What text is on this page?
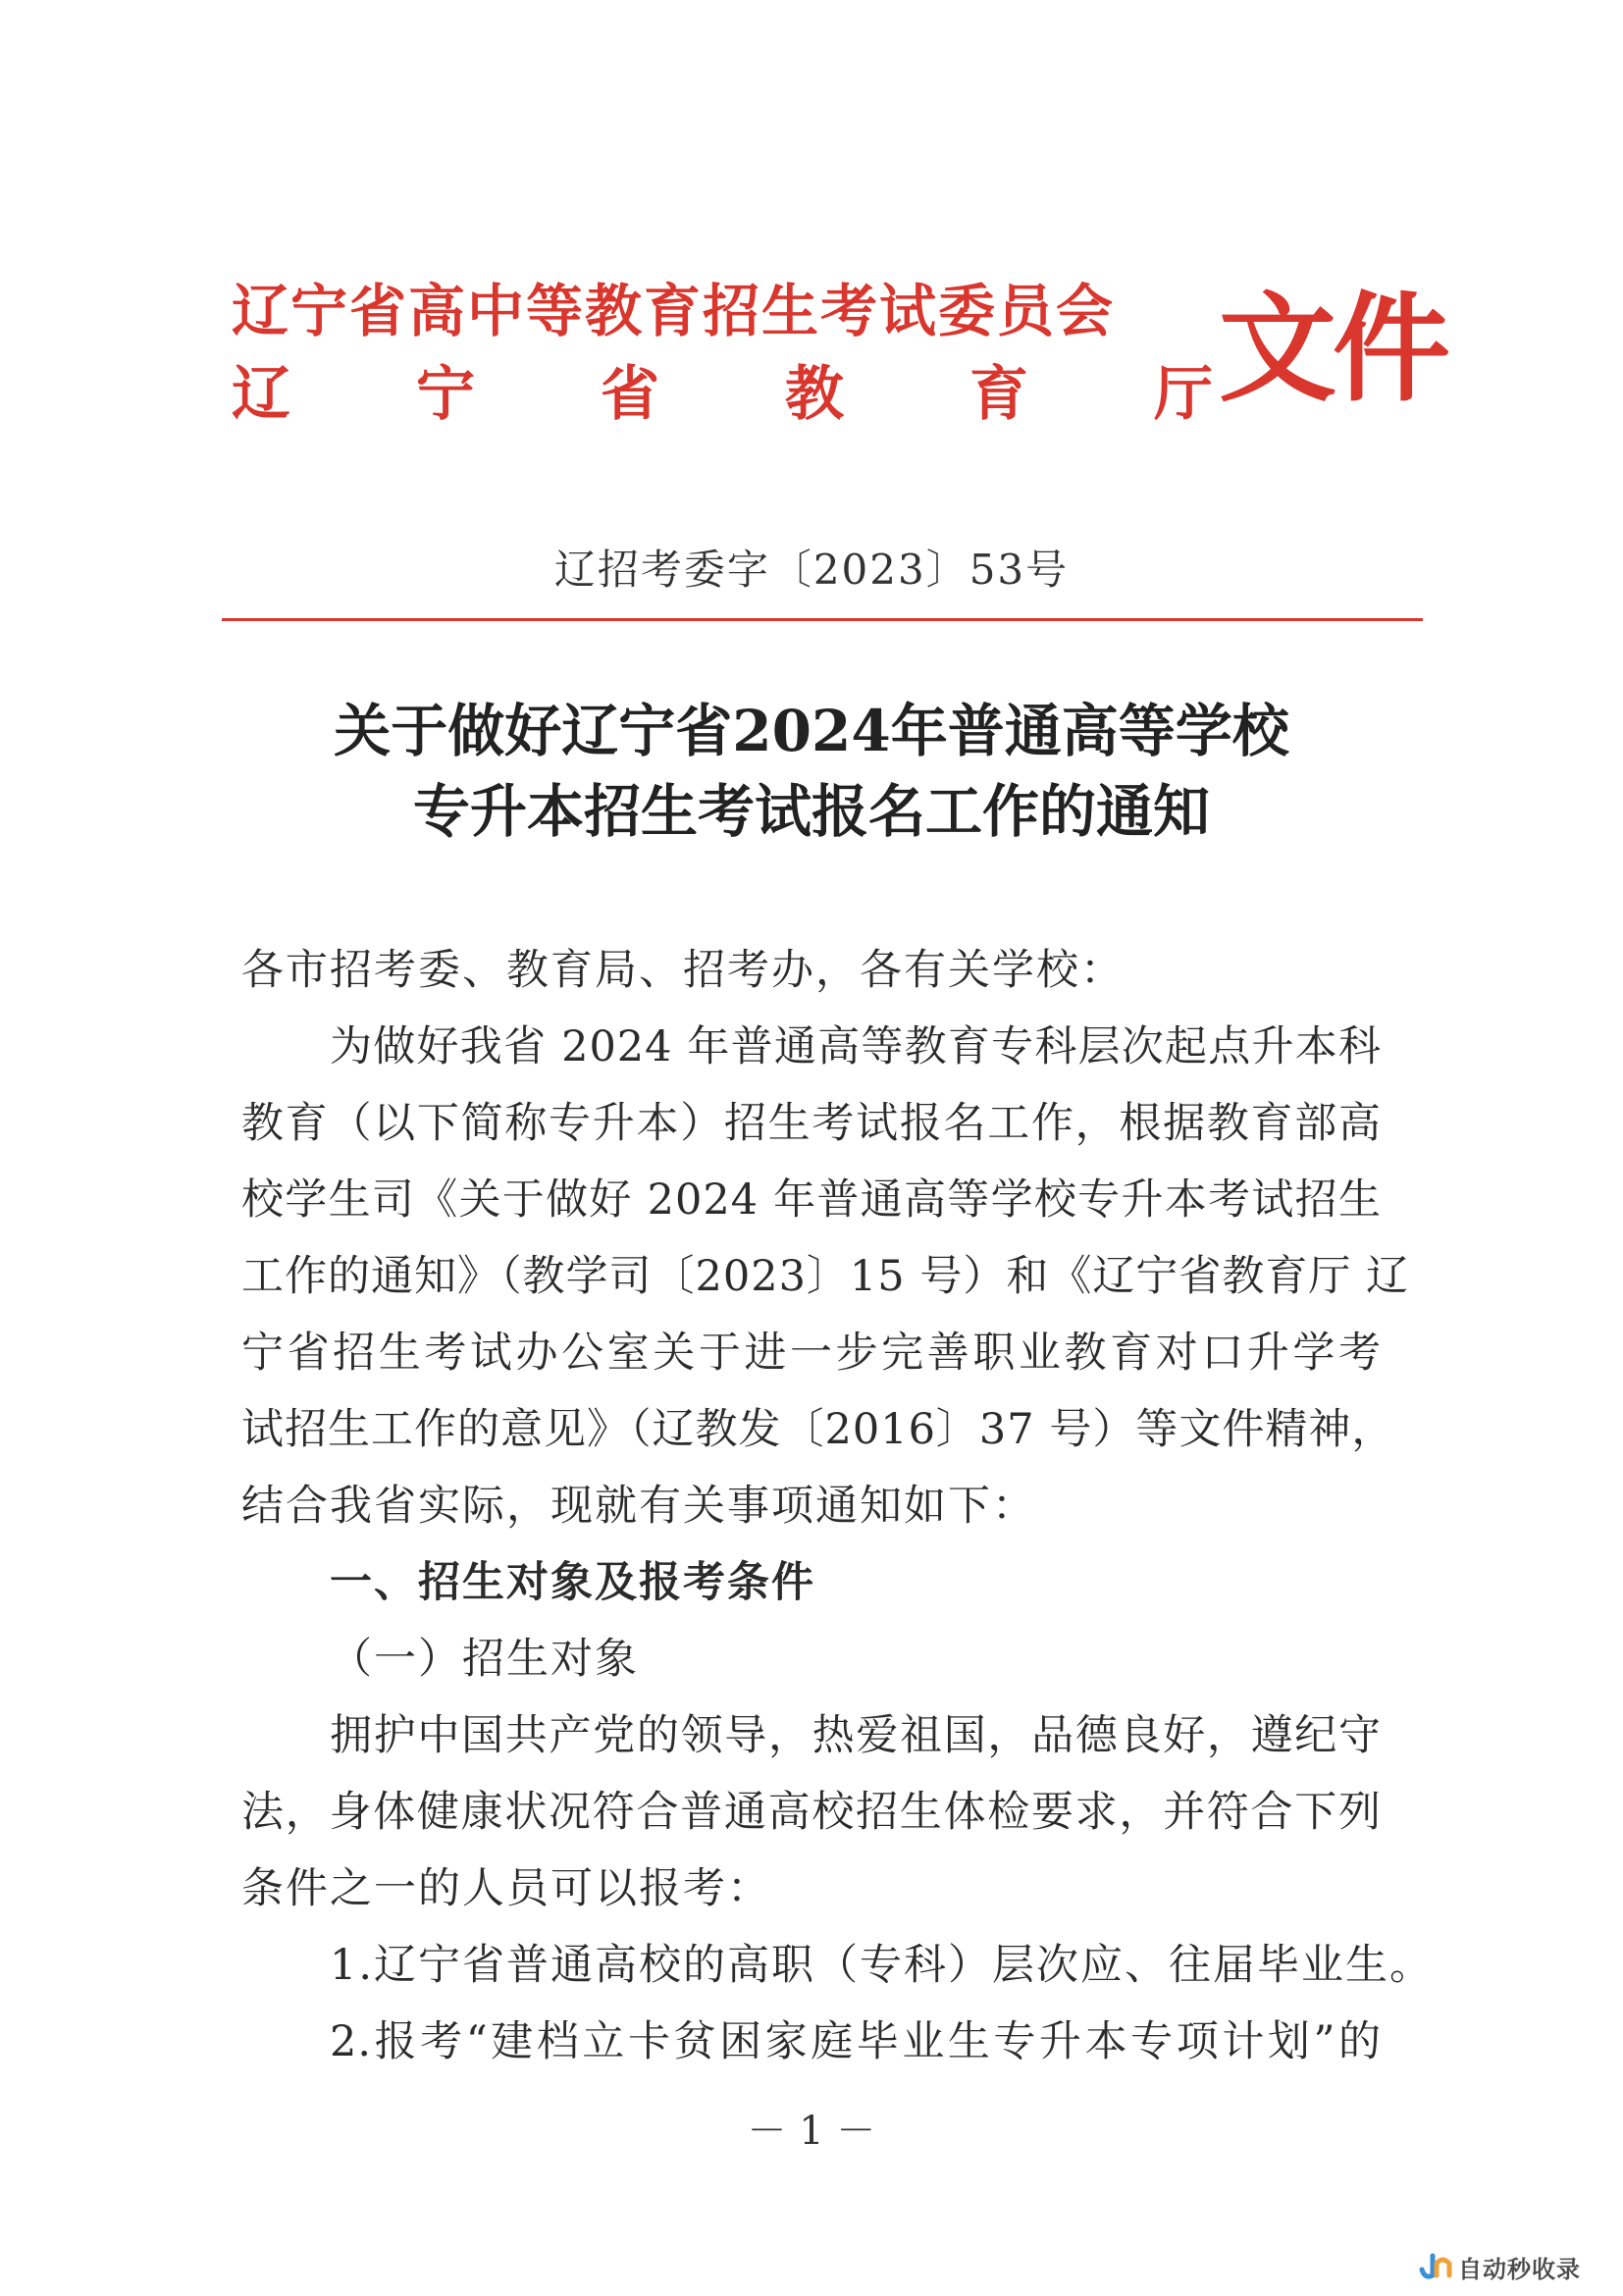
辽宁省高中等教育招生考试委员会
辽 宁 省 教 育 厅 文件
辽招考委字〔2023〕53号
关于做好辽宁省2024年普通高等学校
专升本招生考试报名工作的通知
各市招考委、教育局、招考办，各有关学校：
为做好我省 2024 年普通高等教育专科层次起点升本科
教育（以下简称专升本）招生考试报名工作，根据教育部高
校学生司《关于做好 2024 年普通高等学校专升本考试招生
工作的通知》（教学司〔2023〕15 号）和《辽宁省教育厅 辽
宁省招生考试办公室关于进一步完善职业教育对口升学考
试招生工作的意见》（辽教发〔2016〕37 号）等文件精神，
结合我省实际，现就有关事项通知如下：
一、招生对象及报考条件
（一）招生对象
拥护中国共产党的领导，热爱祖国，品德良好，遵纪守
法，身体健康状况符合普通高校招生体检要求，并符合下列
条件之一的人员可以报考：
1.辽宁省普通高校的高职（专科）层次应、往届毕业生。
2.报考“建档立卡贫困家庭毕业生专升本专项计划”的
－ 1 －
自动秒收录
